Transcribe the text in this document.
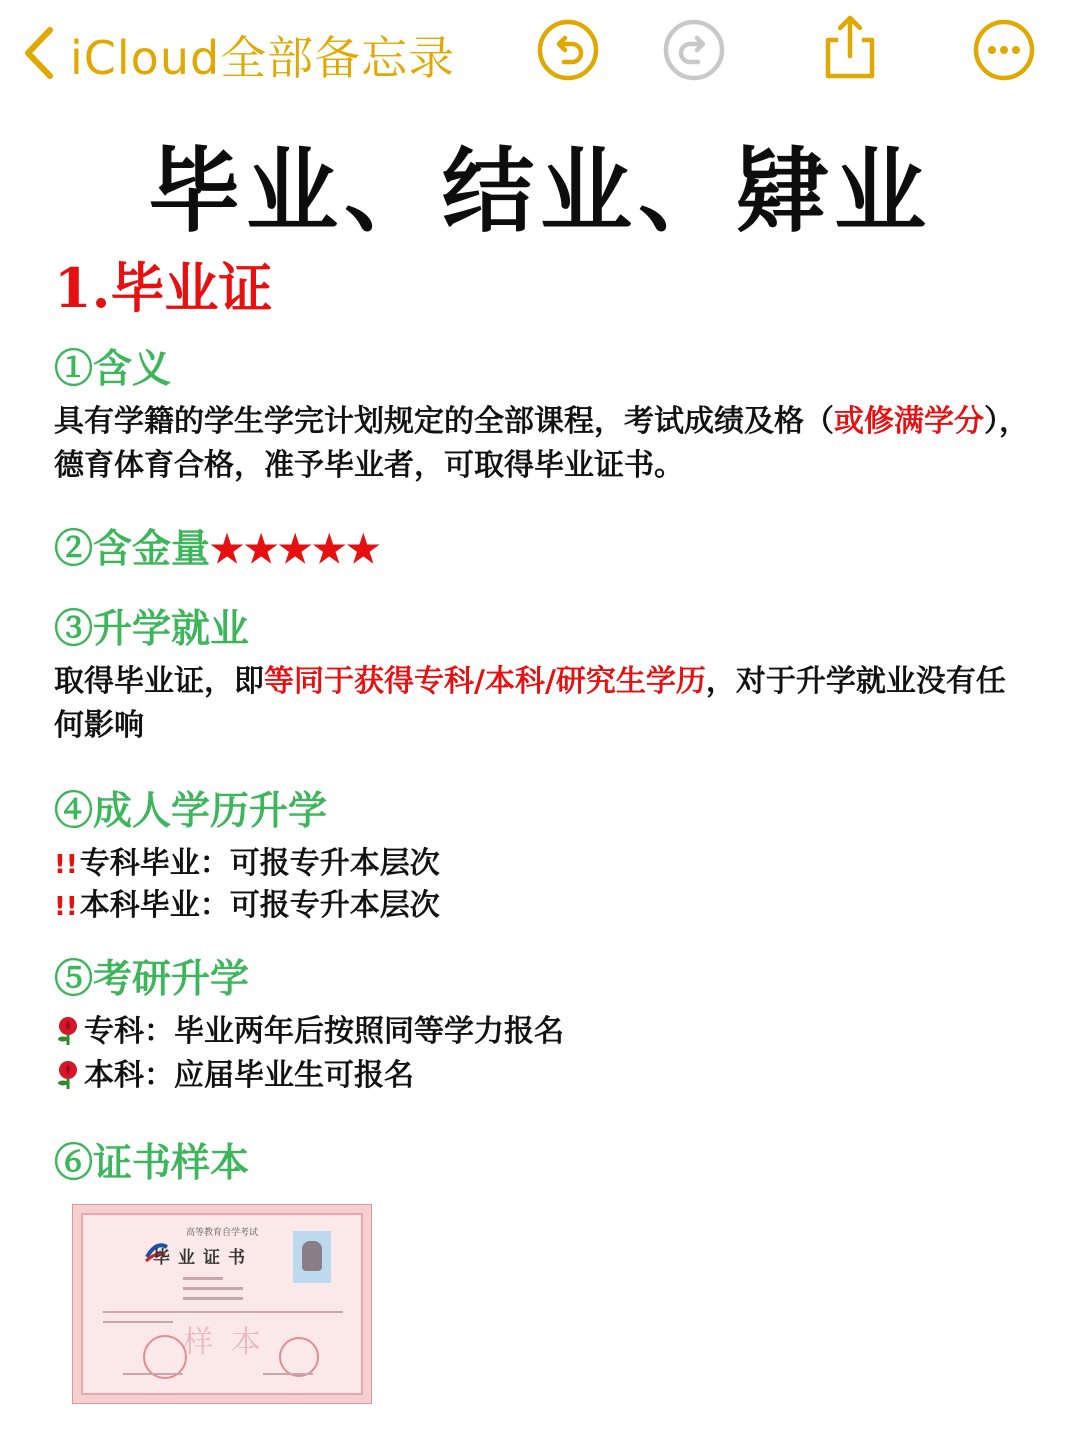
iCloud全部备忘录
毕业、结业、肄业
1.毕业证
①含义
具有学籍的学生学完计划规定的全部课程，考试成绩及格（或修满学分），德育体育合格，准予毕业者，可取得毕业证书。
②含金量★★★★★
③升学就业
取得毕业证，即等同于获得专科/本科/研究生学历，对于升学就业没有任何影响
④成人学历升学
!!专科毕业：可报专升本层次
!!本科毕业：可报专升本层次
⑤考研升学
专科：毕业两年后按照同等学力报名
本科：应届毕业生可报名
⑥证书样本
高等教育自学考试
毕业证书
样本
